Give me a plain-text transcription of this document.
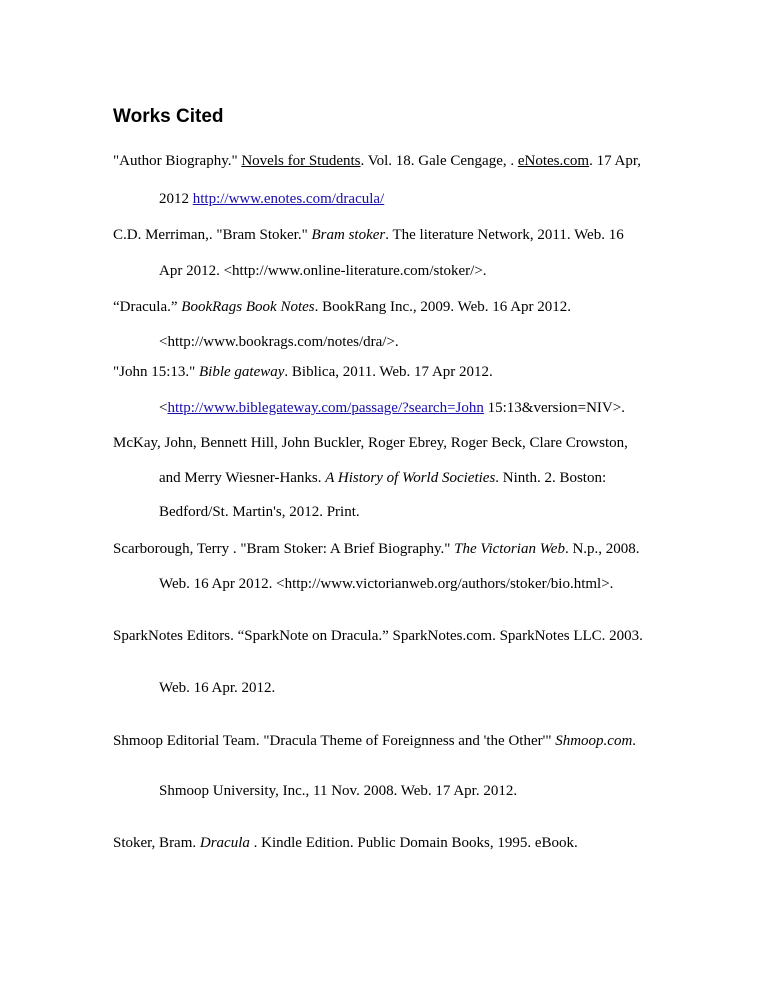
Works Cited
"Author Biography." Novels for Students. Vol. 18. Gale Cengage, . eNotes.com. 17 Apr,
2012 http://www.enotes.com/dracula/
C.D. Merriman,. "Bram Stoker." Bram stoker. The literature Network, 2011. Web. 16
Apr 2012. <http://www.online-literature.com/stoker/>.
“Dracula.” BookRags Book Notes. BookRang Inc., 2009. Web. 16 Apr 2012.
<http://www.bookrags.com/notes/dra/>.
"John 15:13." Bible gateway. Biblica, 2011. Web. 17 Apr 2012.
<http://www.biblegateway.com/passage/?search=John 15:13&version=NIV>.
McKay, John, Bennett Hill, John Buckler, Roger Ebrey, Roger Beck, Clare Crowston,
and Merry Wiesner-Hanks. A History of World Societies. Ninth. 2. Boston:
Bedford/St. Martin's, 2012. Print.
Scarborough, Terry . "Bram Stoker: A Brief Biography." The Victorian Web. N.p., 2008.
Web. 16 Apr 2012. <http://www.victorianweb.org/authors/stoker/bio.html>.
SparkNotes Editors. “SparkNote on Dracula.” SparkNotes.com. SparkNotes LLC. 2003.
Web. 16 Apr. 2012.
Shmoop Editorial Team. "Dracula Theme of Foreignness and 'the Other'" Shmoop.com.
Shmoop University, Inc., 11 Nov. 2008. Web. 17 Apr. 2012.
Stoker, Bram. Dracula . Kindle Edition. Public Domain Books, 1995. eBook.
